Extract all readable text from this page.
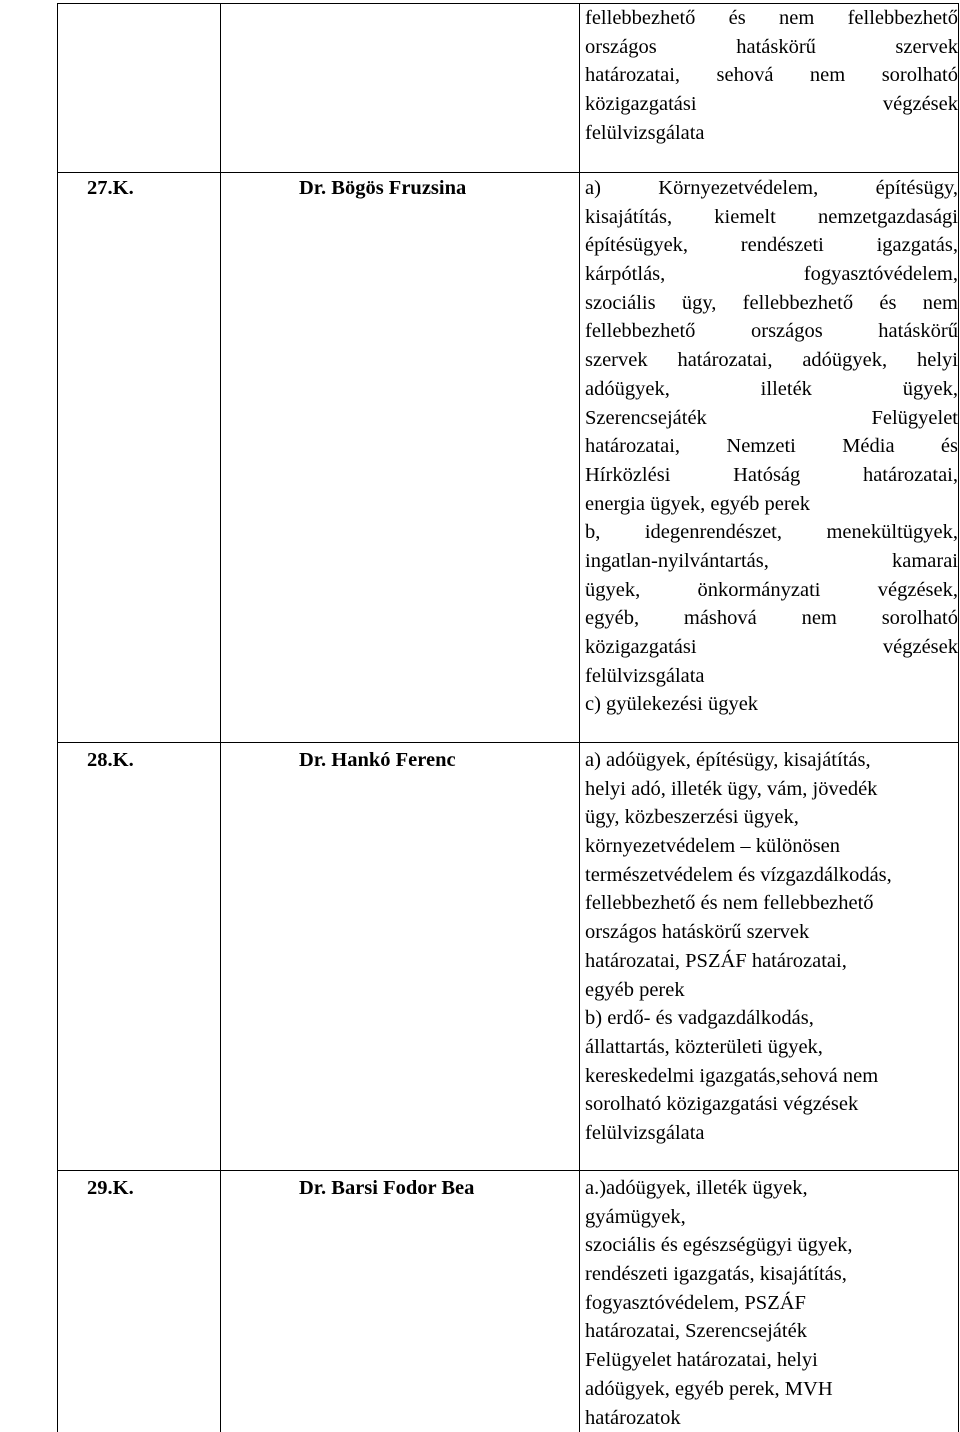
fellebbezhető és nem fellebbezhető
országos hatáskörű szervek
határozatai, sehová nem sorolható
közigazgatási végzések
felülvizsgálata
27.K.	Dr. Bögös Fruzsina	a) Környezetvédelem, építésügy,
kisajátítás, kiemelt nemzetgazdasági
építésügyek, rendészeti igazgatás,
kárpótlás, fogyasztóvédelem,
szociális ügy, fellebbezhető és nem
fellebbezhető országos hatáskörű
szervek határozatai, adóügyek, helyi
adóügyek, illeték ügyek,
Szerencsejáték Felügyelet
határozatai, Nemzeti Média és
Hírközlési Hatóság határozatai,
energia ügyek, egyéb perek
b, idegenrendészet, menekültügyek,
ingatlan-nyilvántartás, kamarai
ügyek, önkormányzati végzések,
egyéb, máshová nem sorolható
közigazgatási végzések
felülvizsgálata
c) gyülekezési ügyek
28.K.	Dr. Hankó Ferenc	a) adóügyek, építésügy, kisajátítás,
helyi adó, illeték ügy, vám, jövedék
ügy, közbeszerzési ügyek,
környezetvédelem – különösen
természetvédelem és vízgazdálkodás,
fellebbezhető és nem fellebbezhető
országos hatáskörű szervek
határozatai, PSZÁF határozatai,
egyéb perek
b) erdő- és vadgazdálkodás,
állattartás, közterületi ügyek,
kereskedelmi igazgatás,sehová nem
sorolható közigazgatási végzések
felülvizsgálata
29.K.	Dr. Barsi Fodor Bea	a.)adóügyek, illeték ügyek,
gyámügyek,
szociális és egészségügyi ügyek,
rendészeti igazgatás, kisajátítás,
fogyasztóvédelem, PSZÁF
határozatai, Szerencsejáték
Felügyelet határozatai, helyi
adóügyek, egyéb perek, MVH
határozatok
